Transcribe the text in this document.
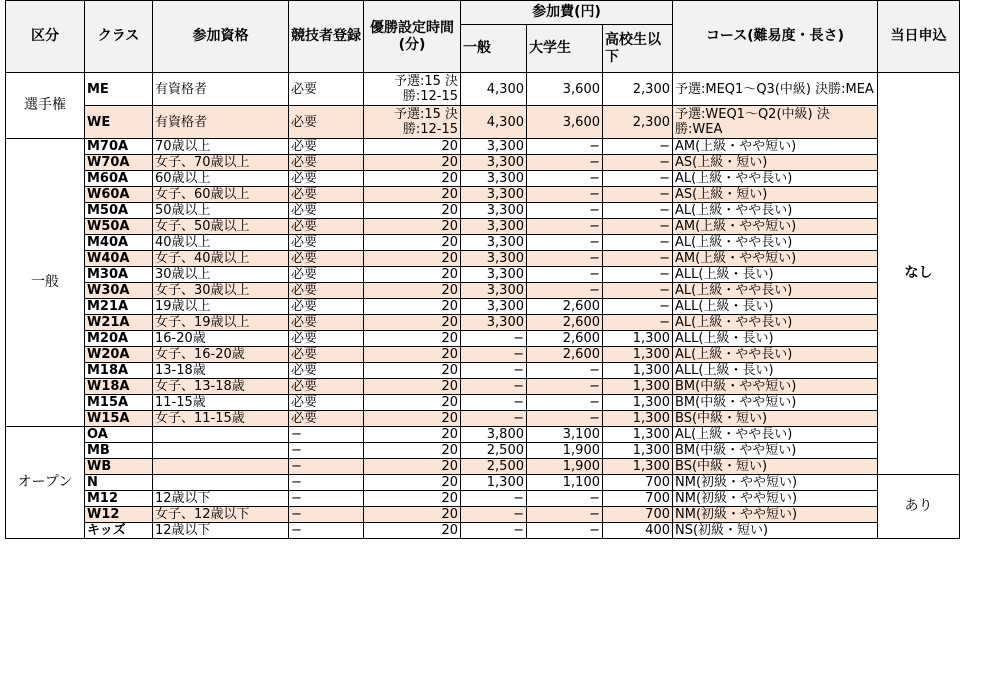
区分	クラス	参加資格	競技者登録	優勝設定時間(分)	参加費(円)			コース(難易度・長さ)	当日申込
					一般	大学生	高校生以下		
選手権	ME	有資格者	必要	予選:15 決勝:12-15	4,300	3,600	2,300	予選:MEQ1〜Q3(中級) 決勝:MEA	なし
	WE	有資格者	必要	予選:15 決勝:12-15	4,300	3,600	2,300	予選:WEQ1〜Q2(中級) 決勝:WEA	
一般	M70A	70歳以上	必要	20	3,300	−	−	AM(上級・やや短い)	
	W70A	女子、70歳以上	必要	20	3,300	−	−	AS(上級・短い)	
	M60A	60歳以上	必要	20	3,300	−	−	AL(上級・やや長い)	
	W60A	女子、60歳以上	必要	20	3,300	−	−	AS(上級・短い)	
	M50A	50歳以上	必要	20	3,300	−	−	AL(上級・やや長い)	
	W50A	女子、50歳以上	必要	20	3,300	−	−	AM(上級・やや短い)	
	M40A	40歳以上	必要	20	3,300	−	−	AL(上級・やや長い)	
	W40A	女子、40歳以上	必要	20	3,300	−	−	AM(上級・やや短い)	
	M30A	30歳以上	必要	20	3,300	−	−	ALL(上級・長い)	
	W30A	女子、30歳以上	必要	20	3,300	−	−	AL(上級・やや長い)	
	M21A	19歳以上	必要	20	3,300	2,600	−	ALL(上級・長い)	
	W21A	女子、19歳以上	必要	20	3,300	2,600	−	AL(上級・やや長い)	
	M20A	16-20歳	必要	20	−	2,600	1,300	ALL(上級・長い)	
	W20A	女子、16-20歳	必要	20	−	2,600	1,300	AL(上級・やや長い)	
	M18A	13-18歳	必要	20	−	−	1,300	ALL(上級・長い)	
	W18A	女子、13-18歳	必要	20	−	−	1,300	BM(中級・やや短い)	
	M15A	11-15歳	必要	20	−	−	1,300	BM(中級・やや短い)	
	W15A	女子、11-15歳	必要	20	−	−	1,300	BS(中級・短い)	
オープン	OA		−	20	3,800	3,100	1,300	AL(上級・やや長い)	
	MB		−	20	2,500	1,900	1,300	BM(中級・やや短い)	
	WB		−	20	2,500	1,900	1,300	BS(中級・短い)	
	N		−	20	1,300	1,100	700	NM(初級・やや短い)	あり
	M12	12歳以下	−	20	−	−	700	NM(初級・やや短い)	
	W12	女子、12歳以下	−	20	−	−	700	NM(初級・やや短い)	
	キッズ	12歳以下	−	20	−	−	400	NS(初級・短い)	
